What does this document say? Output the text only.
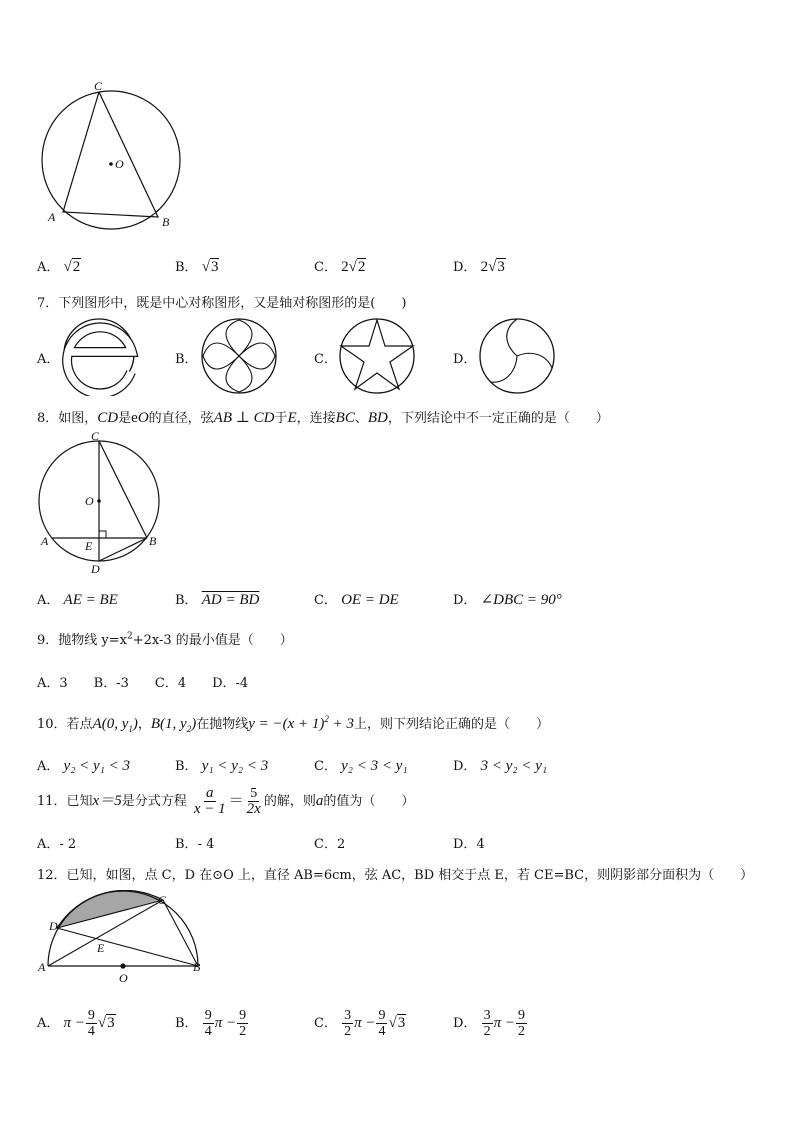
C
O
A	B
A． √2	B． √3	C． 2√2	D． 2√3
7．下列图形中，既是中心对称图形，又是轴对称图形的是(　　)
A．	B．	C．	D．
8．如图，CD是eO的直径，弦AB ⊥ CD于E，连接BC、BD，下列结论中不一定正确的是（　　）
C
O
A	E	B
D
A． AE = BE	B． AD = BD	C． OE = DE	D． ∠DBC = 90°
9．抛物线 $y=x^2+2x-3$ 的最小值是（　　）
A．3　　B．-3　　C．4　　D．-4
10．若点A(0, $y_1$)，B(1, $y_2$)在抛物线$y = -(x + 1)^2 + 3$上，则下列结论正确的是（　　）
A． y₂ < y₁ < 3	B． y₁ < y₂ < 3	C． y₂ < 3 < y₁	D． 3 < y₂ < y₁
11．已知x＝5是分式方程 $\frac{a}{x - 1} = \frac{5}{2x}$ 的解，则a的值为（　　）
A．- 2	B．- 4	C．2	D．4
12．已知，如图，点 C，D 在⊙O 上，直径 AB=6cm，弦 AC，BD 相交于点 E，若 CE=BC，则阴影部分面积为（　　）
D
C
E
A
O
B
A． $\pi - \frac{9}{4} √3$	B． $\frac{9}{4}$ $\pi - \frac{9}{2}$	C． $\frac{3}{2}$ $\pi - \frac{9}{4} √3$	D． $\frac{3}{2}$ $\pi - \frac{9}{2}$
